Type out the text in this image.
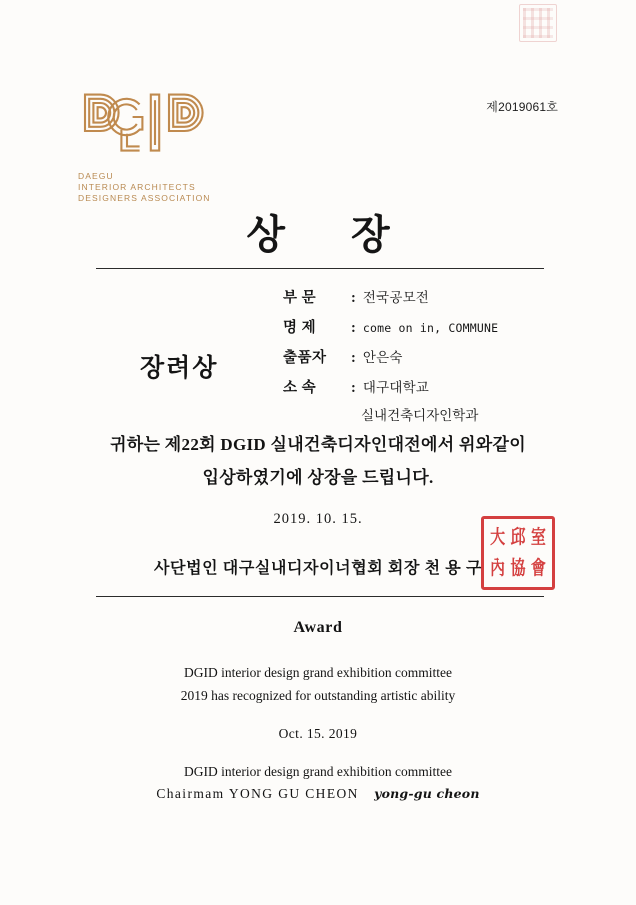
제2019061호
DAEGU
INTERIOR ARCHITECTS
DESIGNERS ASSOCIATION
상 장
장려상
부 문	: 전국공모전
명 제	: come on in, COMMUNE
출품자	: 안은숙
소 속	: 대구대학교
실내건축디자인학과
귀하는 제22회 DGID 실내건축디자인대전에서 위와같이
입상하였기에 상장을 드립니다.
2019. 10. 15.
사단법인 대구실내디자이너협회 회장 천 용 구
大 邱 室
內 協 會
Award
DGID interior design grand exhibition committee
2019 has recognized for outstanding artistic ability
Oct. 15. 2019
DGID interior design grand exhibition committee
Chairmam YONG GU CHEON yong-gu cheon
